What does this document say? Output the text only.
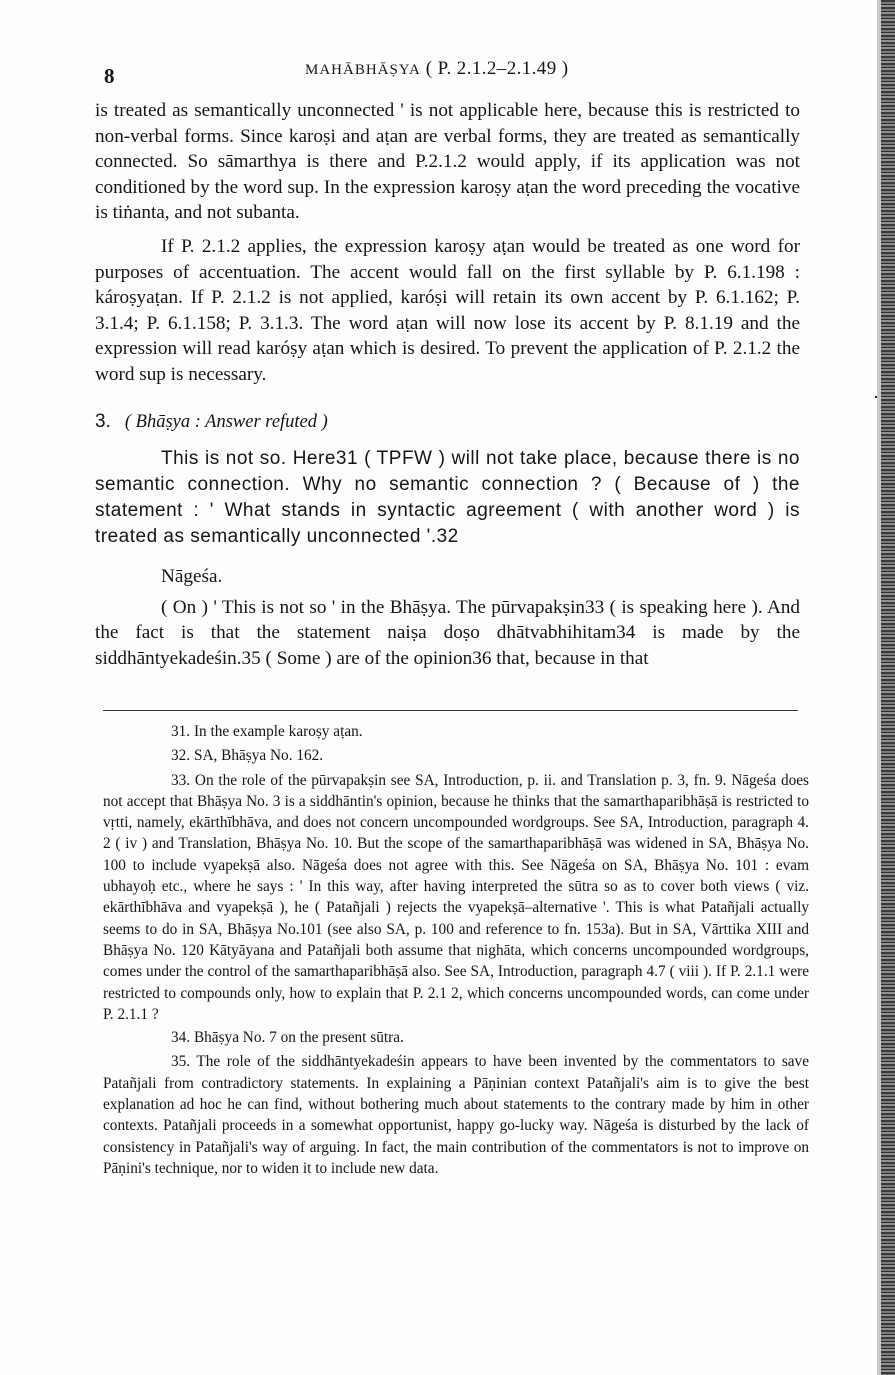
8	MAHĀBHĀṢYA ( P. 2.1.2–2.1.49 )

is treated as semantically unconnected ' is not applicable here, because this is restricted to non-verbal forms. Since karoṣi and aṭan are verbal forms, they are treated as semantically connected. So sāmarthya is there and P.2.1.2 would apply, if its application was not conditioned by the word sup. In the expression karoṣy aṭan the word preceding the vocative is tiṅanta, and not subanta.

If P. 2.1.2 applies, the expression karoṣy aṭan would be treated as one word for purposes of accentuation. The accent would fall on the first syllable by P. 6.1.198 : károṣyaṭan. If P. 2.1.2 is not applied, karóṣi will retain its own accent by P. 6.1.162; P. 3.1.4; P. 6.1.158; P. 3.1.3. The word aṭan will now lose its accent by P. 8.1.19 and the expression will read karóṣy aṭan which is desired. To prevent the application of P. 2.1.2 the word sup is necessary.

3. ( Bhāṣya : Answer refuted )

This is not so. Here31 ( TPFW ) will not take place, because there is no semantic connection. Why no semantic connection ? ( Because of ) the statement : ' What stands in syntactic agreement ( with another word ) is treated as semantically unconnected '.32

Nāgeśa.

( On ) ' This is not so ' in the Bhāṣya. The pūrvapakṣin33 ( is speaking here ). And the fact is that the statement naiṣa doṣo dhātvabhihitam34 is made by the siddhāntyekadeśin.35 ( Some ) are of the opinion36 that, because in that

31. In the example karoṣy aṭan.

32. SA, Bhāṣya No. 162.

33. On the role of the pūrvapakṣin see SA, Introduction, p. ii. and Translation p. 3, fn. 9. Nāgeśa does not accept that Bhāṣya No. 3 is a siddhāntin's opinion, because he thinks that the samarthaparibhāṣā is restricted to vṛtti, namely, ekārthībhāva, and does not concern uncompounded wordgroups. See SA, Introduction, paragraph 4. 2 ( iv ) and Translation, Bhāṣya No. 10. But the scope of the samarthaparibhāṣā was widened in SA, Bhāṣya No. 100 to include vyapekṣā also. Nāgeśa does not agree with this. See Nāgeśa on SA, Bhāṣya No. 101 : evam ubhayoḥ etc., where he says : ' In this way, after having interpreted the sūtra so as to cover both views ( viz. ekārthībhāva and vyapekṣā ), he ( Patañjali ) rejects the vyapekṣā–alternative '. This is what Patañjali actually seems to do in SA, Bhāṣya No.101 (see also SA, p. 100 and reference to fn. 153a). But in SA, Vārttika XIII and Bhāṣya No. 120 Kātyāyana and Patañjali both assume that nighāta, which concerns uncompounded wordgroups, comes under the control of the samarthaparibhāṣā also. See SA, Introduction, paragraph 4.7 ( viii ). If P. 2.1.1 were restricted to compounds only, how to explain that P. 2.1 2, which concerns uncompounded words, can come under P. 2.1.1 ?

34. Bhāṣya No. 7 on the present sūtra.

35. The role of the siddhāntyekadeśin appears to have been invented by the commentators to save Patañjali from contradictory statements. In explaining a Pāṇinian context Patañjali's aim is to give the best explanation ad hoc he can find, without bothering much about statements to the contrary made by him in other contexts. Patañjali proceeds in a somewhat opportunist, happy go-lucky way. Nāgeśa is disturbed by the lack of consistency in Patañjali's way of arguing. In fact, the main contribution of the commentators is not to improve on Pāṇini's technique, nor to widen it to include new data.
